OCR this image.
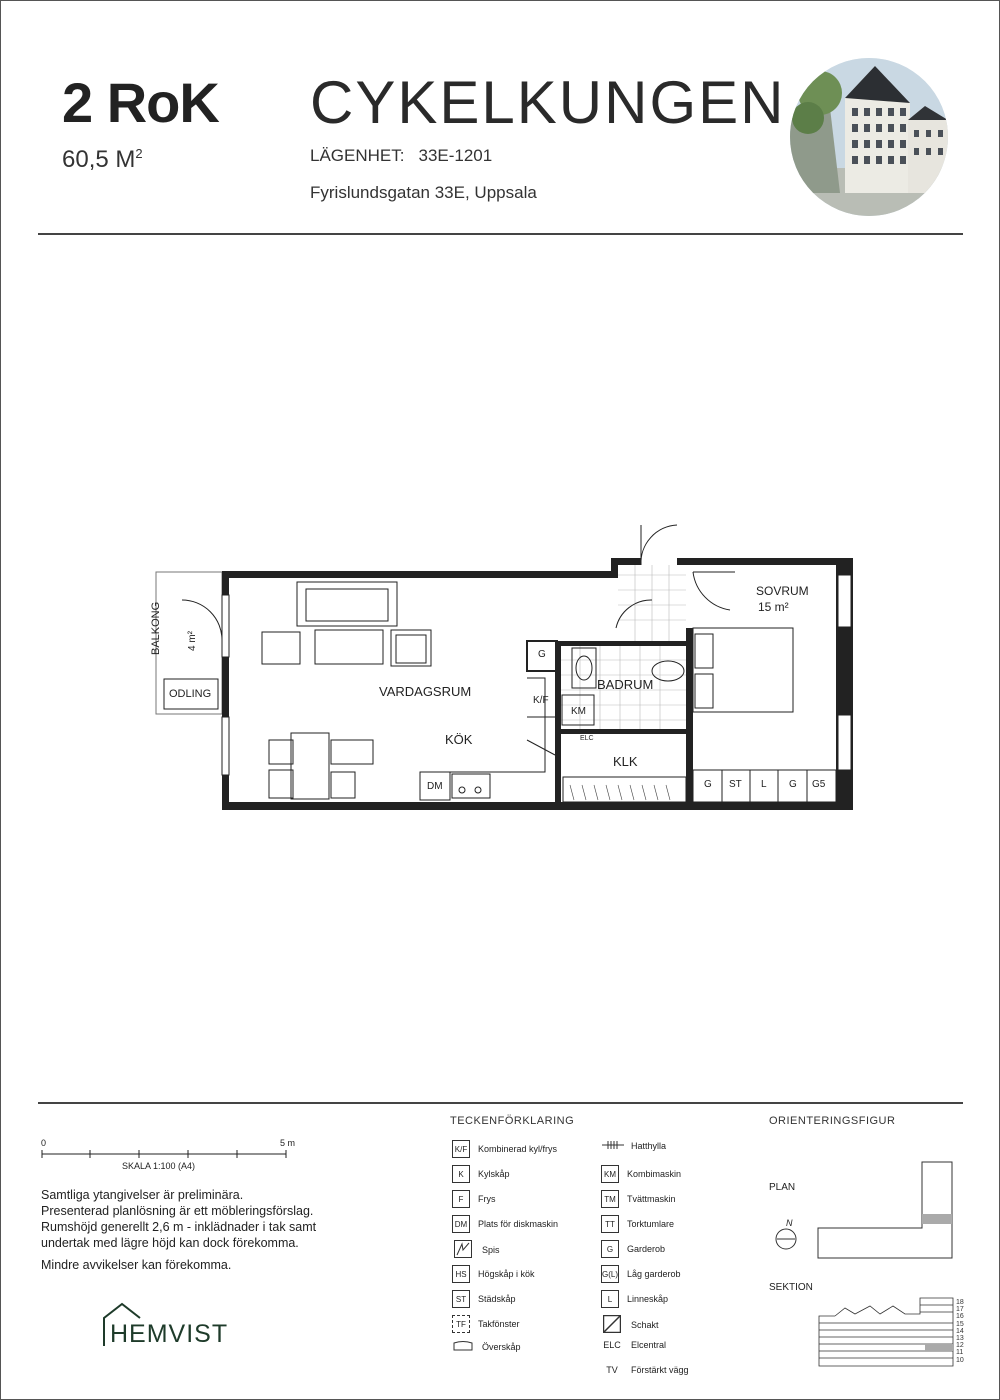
2 RoK
60,5 $M^2$
CYKELKUNGEN
LÄGENHET: 33E-1201
Fyrislundsgatan 33E, Uppsala
BALKONG	4 m²
ODLING	VARDAGSRUM
KÖK
BADRUM
KLK
SOVRUM
15 m²
G
K/F
KM
ELC
DM	G ST L G G5
0	5 m
SKALA 1:100 (A4)
Samtliga ytangivelser är preliminära.
Presenterad planlösning är ett möbleringsförslag.
Rumshöjd generellt 2,6 m - inklädnader i tak samt
undertak med lägre höjd kan dock förekomma.
Mindre avvikelser kan förekomma.
HEMVIST
TECKENFÖRKLARING
K/F	Kombinerad kyl/frys
K	Kylskåp
F	Frys
DM	Plats för diskmaskin
Spis
HS	Högskåp i kök
ST	Städskåp
TF	Takfönster
Överskåp
Hatthylla
KM	Kombimaskin
TM	Tvättmaskin
TT	Torktumlare
G	Garderob
G(L) Låg garderob
L	Linneskåp
Schakt
ELC Elcentral
TV	Förstärkt vägg
ORIENTERINGSFIGUR
PLAN
N
SEKTION
18
17
16
15
14
13
12
11
10
